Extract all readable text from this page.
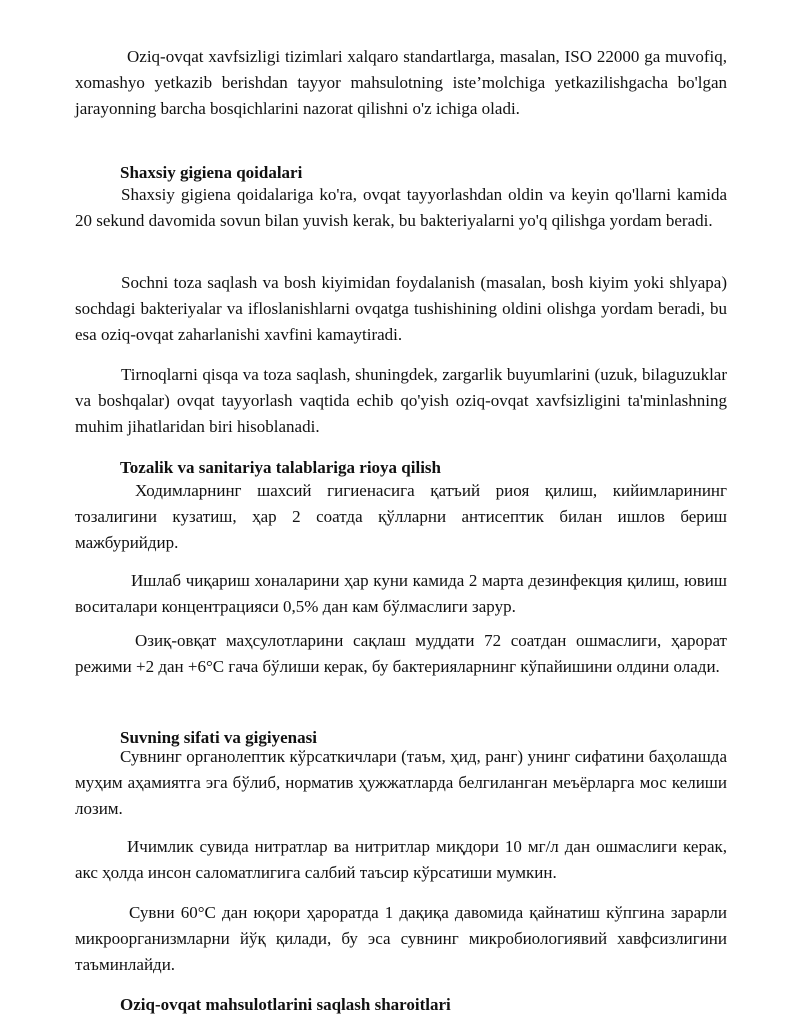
Oziq-ovqat xavfsizligi tizimlari xalqaro standartlarga, masalan, ISO 22000 ga muvofiq, xomashyo yetkazib berishdan tayyor mahsulotning iste’molchiga yetkazilishgacha bo'lgan jarayonning barcha bosqichlarini nazorat qilishni o'z ichiga oladi.

Shaxsiy gigiena qoidalari

Shaxsiy gigiena qoidalariga ko'ra, ovqat tayyorlashdan oldin va keyin qo'llarni kamida 20 sekund davomida sovun bilan yuvish kerak, bu bakteriyalarni yo'q qilishga yordam beradi.

Sochni toza saqlash va bosh kiyimidan foydalanish (masalan, bosh kiyim yoki shlyapa) sochdagi bakteriyalar va ifloslanishlarni ovqatga tushishining oldini olishga yordam beradi, bu esa oziq-ovqat zaharlanishi xavfini kamaytiradi.

Tirnoqlarni qisqa va toza saqlash, shuningdek, zargarlik buyumlarini (uzuk, bilaguzuklar va boshqalar) ovqat tayyorlash vaqtida echib qo'yish oziq-ovqat xavfsizligini ta'minlashning muhim jihatlaridan biri hisoblanadi.

Tozalik va sanitariya talablariga rioya qilish

Ходимларнинг шахсий гигиенасига қатъий риоя қилиш, кийимларининг тозалигини кузатиш, ҳар 2 соатда қўлларни антисептик билан ишлов бериш мажбурийдир.

Ишлаб чиқариш хоналарини ҳар куни камида 2 марта дезинфекция қилиш, ювиш воситалари концентрацияси 0,5% дан кам бўлмаслиги зарур.

Озиқ-овқат маҳсулотларини сақлаш муддати 72 соатдан ошмаслиги, ҳарорат режими +2 дан +6°C гача бўлиши керак, бу бактерияларнинг кўпайишини олдини олади.

Suvning sifati va gigiyenasi

Сувнинг органолептик кўрсаткичлари (таъм, ҳид, ранг) унинг сифатини баҳолашда муҳим аҳамиятга эга бўлиб, норматив ҳужжатларда белгиланган меъёрларга мос келиши лозим.

Ичимлик сувида нитратлар ва нитритлар миқдори 10 мг/л дан ошмаслиги керак, акс ҳолда инсон саломатлигига салбий таъсир кўрсатиши мумкин.

Сувни 60°C дан юқори ҳароратда 1 дақиқа давомида қайнатиш кўпгина зарарли микроорганизмларни йўқ қилади, бу эса сувнинг микробиологиявий хавфсизлигини таъминлайди.

Oziq-ovqat mahsulotlarini saqlash sharoitlari
